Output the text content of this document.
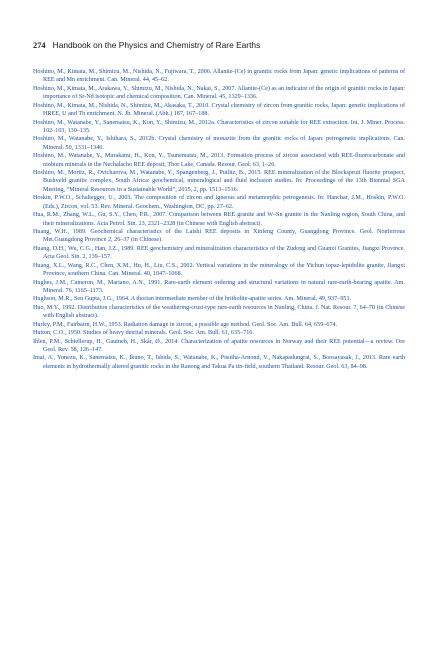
274 Handbook on the Physics and Chemistry of Rare Earths
Hoshino, M., Kimata, M., Shimizu, M., Nishida, N., Fujiwara, T., 2006. Allanite-(Ce) in granitic rocks from Japan: genetic implications of patterns of REE and Mn enrichment. Can. Mineral. 44, 45–62.
Hoshino, M., Kimata, M., Arakawa, Y., Shimizu, M., Nishida, N., Nakai, S., 2007. Allanite-(Ce) as an indicator of the origin of granitic rocks in Japan: importance of Sr-Nd isotopic and chemical composition. Can. Mineral. 45, 1329–1336.
Hoshino, M., Kimata, M., Nishida, N., Shimizu, M., Akasaka, T., 2010. Crystal chemistry of zircon from granitic rocks, Japan: genetic implications of HREE, U and Th enrichment. N. Jb. Mineral. (Abh.) 187, 167–188.
Hoshino, M., Watanabe, Y., Sanematsu, K., Kon, Y., Shimizu, M., 2012a. Characteristics of zircon suitable for REE extraction. Int. J. Miner. Process. 102–103, 130–135.
Hoshino, M., Watanabe, Y., Ishihara, S., 2012b. Crystal chemistry of monazite from the granitic rocks of Japan: petrogenetic implications. Can. Mineral. 50, 1331–1346.
Hoshino, M., Watanabe, Y., Murakami, H., Kon, Y., Tsunematsu, M., 2013. Formation process of zircon associated with REE-fluorocarbonate and niobium minerals in the Nechalacho REE deposit, Thor Lake, Canada. Resour. Geol. 63, 1–26.
Hoshino, M., Moritz, R., Ovtcharova, M., Watanabe, Y., Spangenberg, J., Putlitz, B., 2015. REE mineralization of the Blockspruit fluorite prospect, Bushveld granitic complex, South Africa: geochemical, mineralogical and fluid inclusion studies. In: Proceedings of the 13th Biennial SGA Meeting, “Mineral Resources in a Sustainable World”, 2015, 2, pp. 1513–1516.
Hoskin, P.W.O., Schaltegger, U., 2003. The composition of zircon and igneous and metamorphic petrogenesis. In: Hanchar, J.M., Hoskin, P.W.O. (Eds.), Zircon, vol. 53. Rev. Mineral. Geochem., Washington, DC, pp. 27–62.
Hua, R.M., Zhang, W.L., Gu, S.Y., Chen, P.R., 2007. Comparison between REE granite and W–Sn granite in the Nanling region, South China, and their mineralizations. Acta Petrol. Sin. 23, 2321–2328 (in Chinese with English abstract).
Huang, W.H., 1989. Geochemical characteristics of the Laishi REE deposits in Xinfeng County, Guangdong Province. Geol. Nonferrous Met.Guangdong Province 2, 26–37 (in Chinese).
Huang, D.H., Wu, C.G., Han, J.Z., 1989. REE geochemistry and mineralization characteristics of the Zudong and Guanxi Granites, Jiangxi Province. Acta Geol. Sin. 2, 139–157.
Huang, X.L., Wang, R.C., Chen, X.M., Hu, H., Liu, C.S., 2002. Vertical variations in the mineralogy of the Yichun topaz-lepidolite granite, Jiangxi Province, southern China. Can. Mineral. 40, 1047–1068.
Hughes, J.M., Cameron, M., Mariano, A.N., 1991. Rare-earth element ordering and structural variations in natural rare-earth-bearing apatite. Am. Mineral. 76, 1165–1173.
Hughson, M.R., Sen Gupta, J.G., 1964. A thorian intermediate member of the britholite-apatite series. Am. Mineral. 49, 937–951.
Huo, M.Y., 1992. Distribution characteristics of the weathering-crust-type rare-earth resources in Nanling, China. J. Nat. Resour. 7, 64–70 (in Chinese with English abstract).
Hurley, P.M., Fairbairn, H.W., 1953. Radiation damage in zircon, a possible age method. Geol. Soc. Am. Bull. 64, 659–674.
Hutton, C.O., 1950. Studies of heavy detrital minerals. Geol. Soc. Am. Bull. 61, 635–716.
Ihlen, P.M., Schiellerup, H., Gautneb, H., Skår, Ø., 2014. Characterization of apatite resources in Norway and their REE potential—a review. Ore Geol. Rev. 58, 126–147.
Imai, A., Yonezu, K., Sanematsu, K., Ikuno, T., Ishida, S., Watanabe, K., Pisutha-Arnond, V., Nakapadungrat, S., Boosayasak, J., 2013. Rare earth elements in hydrothermally altered granitic rocks in the Ranong and Takua Pa tin-field, southern Thailand. Resour. Geol. 63, 84–98.
